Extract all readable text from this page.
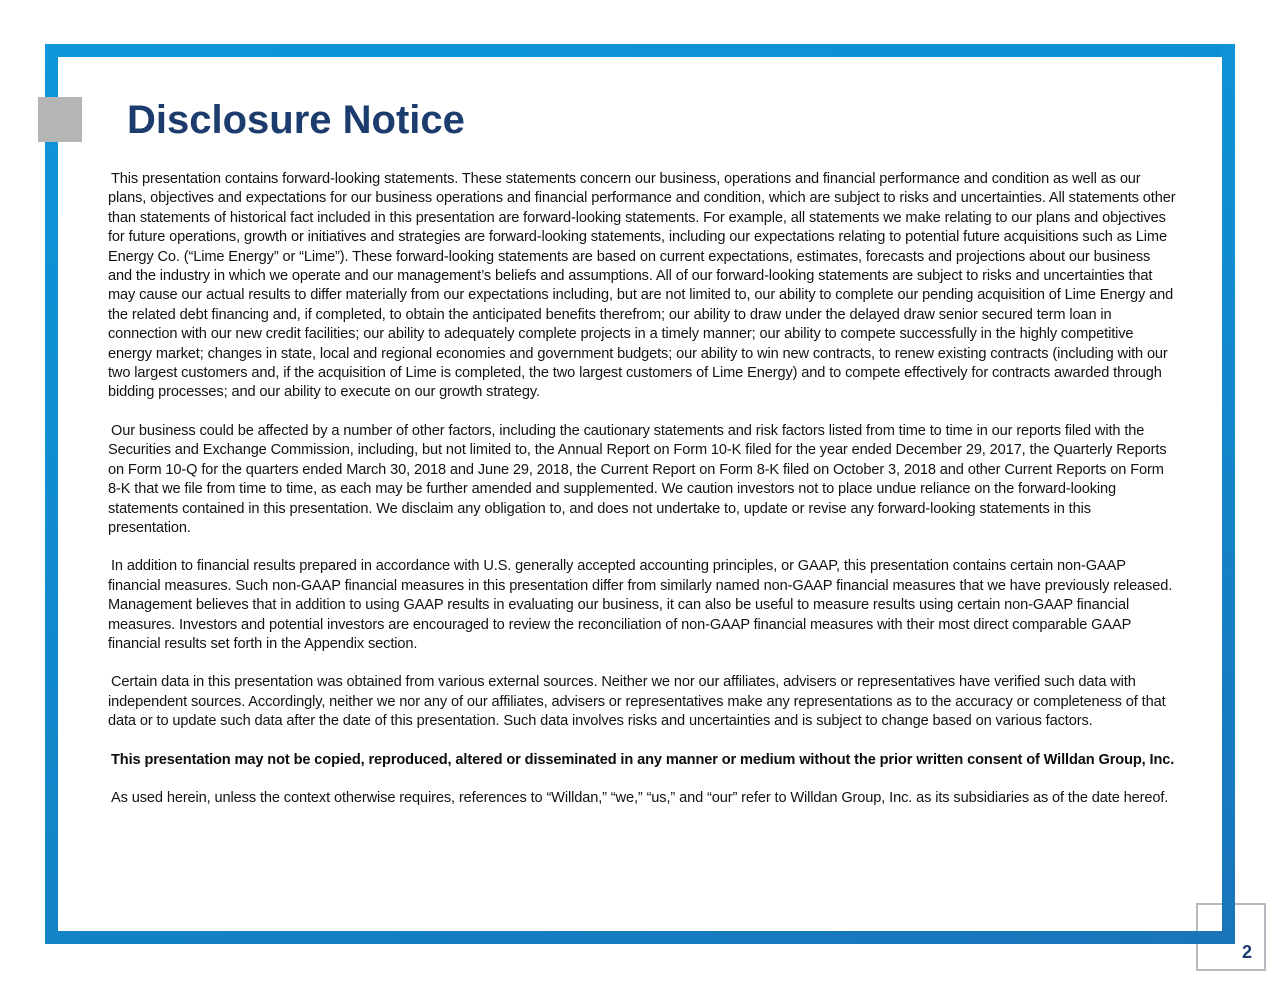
Disclosure Notice

This presentation contains forward-looking statements. These statements concern our business, operations and financial performance and condition as well as our plans, objectives and expectations for our business operations and financial performance and condition, which are subject to risks and uncertainties. All statements other than statements of historical fact included in this presentation are forward-looking statements. For example, all statements we make relating to our plans and objectives for future operations, growth or initiatives and strategies are forward-looking statements, including our expectations relating to potential future acquisitions such as Lime Energy Co. (“Lime Energy” or “Lime”). These forward-looking statements are based on current expectations, estimates, forecasts and projections about our business and the industry in which we operate and our management’s beliefs and assumptions. All of our forward-looking statements are subject to risks and uncertainties that may cause our actual results to differ materially from our expectations including, but are not limited to, our ability to complete our pending acquisition of Lime Energy and the related debt financing and, if completed, to obtain the anticipated benefits therefrom; our ability to draw under the delayed draw senior secured term loan in connection with our new credit facilities; our ability to adequately complete projects in a timely manner; our ability to compete successfully in the highly competitive energy market; changes in state, local and regional economies and government budgets; our ability to win new contracts, to renew existing contracts (including with our two largest customers and, if the acquisition of Lime is completed, the two largest customers of Lime Energy) and to compete effectively for contracts awarded through bidding processes; and our ability to execute on our growth strategy.

Our business could be affected by a number of other factors, including the cautionary statements and risk factors listed from time to time in our reports filed with the Securities and Exchange Commission, including, but not limited to, the Annual Report on Form 10-K filed for the year ended December 29, 2017, the Quarterly Reports on Form 10-Q for the quarters ended March 30, 2018 and June 29, 2018, the Current Report on Form 8-K filed on October 3, 2018 and other Current Reports on Form 8-K that we file from time to time, as each may be further amended and supplemented. We caution investors not to place undue reliance on the forward-looking statements contained in this presentation. We disclaim any obligation to, and does not undertake to, update or revise any forward-looking statements in this presentation.

In addition to financial results prepared in accordance with U.S. generally accepted accounting principles, or GAAP, this presentation contains certain non-GAAP financial measures. Such non-GAAP financial measures in this presentation differ from similarly named non-GAAP financial measures that we have previously released. Management believes that in addition to using GAAP results in evaluating our business, it can also be useful to measure results using certain non-GAAP financial measures. Investors and potential investors are encouraged to review the reconciliation of non-GAAP financial measures with their most direct comparable GAAP financial results set forth in the Appendix section.

Certain data in this presentation was obtained from various external sources. Neither we nor our affiliates, advisers or representatives have verified such data with independent sources. Accordingly, neither we nor any of our affiliates, advisers or representatives make any representations as to the accuracy or completeness of that data or to update such data after the date of this presentation. Such data involves risks and uncertainties and is subject to change based on various factors.

This presentation may not be copied, reproduced, altered or disseminated in any manner or medium without the prior written consent of Willdan Group, Inc.

As used herein, unless the context otherwise requires, references to “Willdan,” “we,” “us,” and “our” refer to Willdan Group, Inc. as its subsidiaries as of the date hereof.

2
